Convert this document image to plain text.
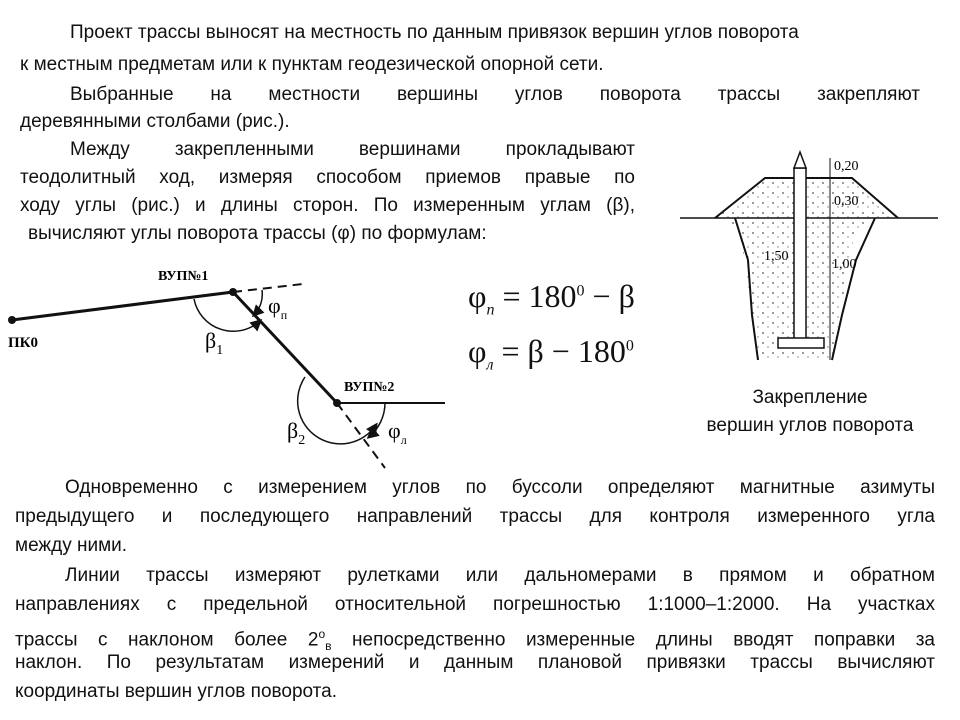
Проект трассы выносят на местность по данным привязок вершин углов поворота
к местным предметам или к пунктам геодезической опорной сети.
Выбранные на местности вершины углов поворота трассы закрепляют
деревянными столбами (рис.).
Между закрепленными вершинами прокладывают
теодолитный ход, измеряя способом приемов правые по
ходу углы (рис.) и длины сторон. По измеренным углам (β),
вычисляют углы поворота трассы (φ) по формулам:
ПК0
ВУП№1
ВУП№2
$\beta_1$
$\varphi_п$
$\beta_2$	$\varphi_л$
$\varphi_п = 180^0 - \beta$
$\varphi_л = \beta - 180^0$
0,20
0,30
1,50
1,00
Закрепление
вершин углов поворота
Одновременно с измерением углов по буссоли определяют магнитные азимуты
предыдущего и последующего направлений трассы для контроля измеренного угла
между ними.
Линии трассы измеряют рулетками или дальномерами в прямом и обратном
направлениях с предельной относительной погрешностью 1:1000–1:2000. На участках
трассы с наклоном более $2^о_в$ непосредственно измеренные длины вводят поправки за
наклон. По результатам измерений и данным плановой привязки трассы вычисляют
координаты вершин углов поворота.
